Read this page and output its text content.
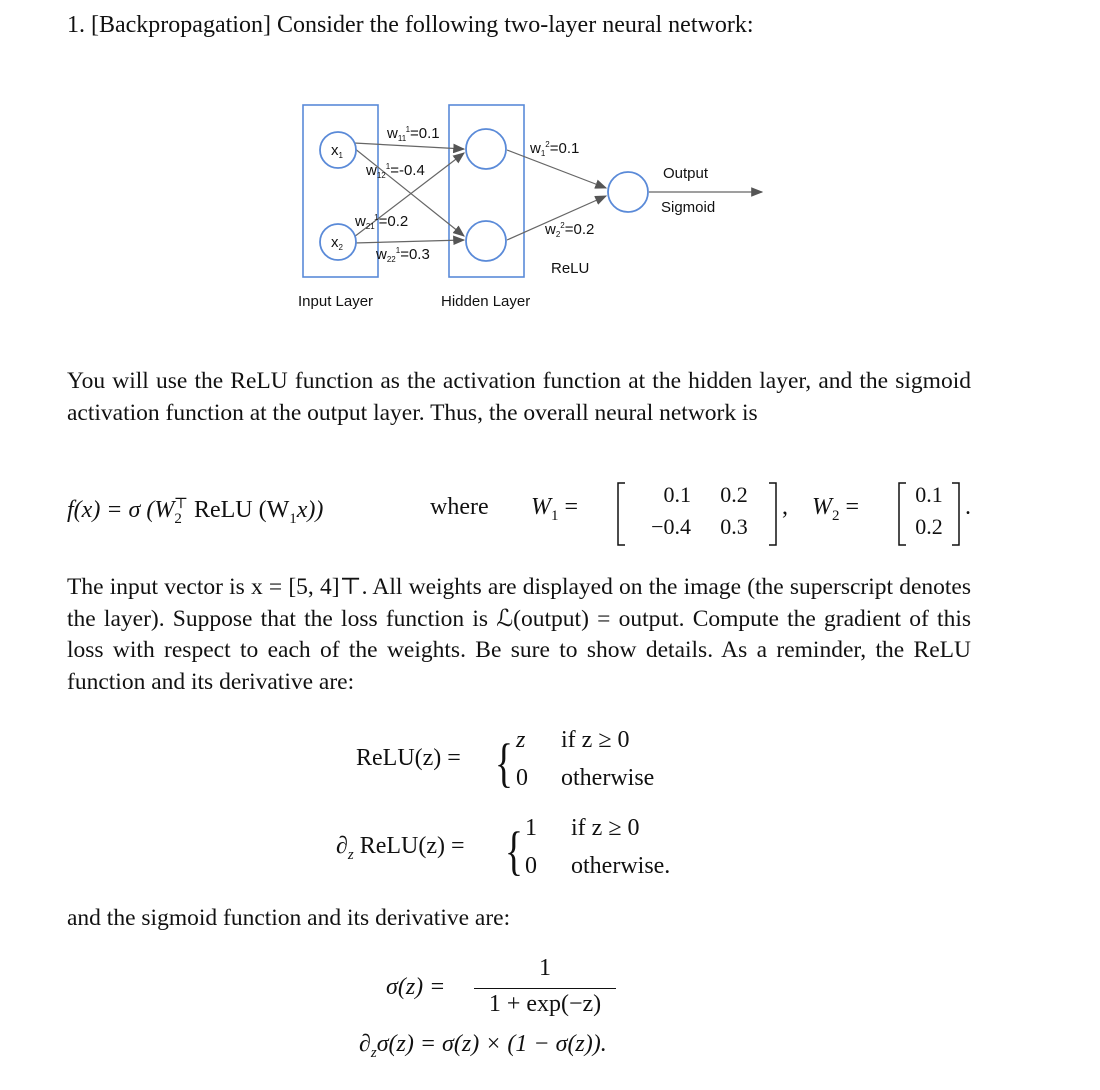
1. [Backpropagation] Consider the following two-layer neural network:
$x_1$
$x_2$
$w_{11}^1=0.1$
$w_{12}^1=-0.4$
$w_{21}^1=0.2$
$w_{22}^1=0.3$
$w_1^2=0.1$
$w_2^2=0.2$
ReLU
Output
Sigmoid
Input Layer	Hidden Layer
You will use the ReLU function as the activation function at the hidden layer, and the sigmoid activation function at the output layer. Thus, the overall neural network is
f(x) = σ ($W_2^⊤$ ReLU $(W_1x)$)	where $W_1$ =	0.1	0.2
−0.4	0.3
, $W_2$ =	0.1
0.2
.
The input vector is x = [5, 4]⊤. All weights are displayed on the image (the superscript denotes the layer). Suppose that the loss function is ℒ(output) = output. Compute the gradient of this loss with respect to each of the weights. Be sure to show details. As a reminder, the ReLU function and its derivative are:
ReLU(z) = { z if z ≥ 0
0 otherwise
$\partial_z$ ReLU(z) = { 1 if z ≥ 0
0 otherwise.
and the sigmoid function and its derivative are:
σ(z) =
1
1 + exp(−z)
$\partial_z\sigma(z) = \sigma(z) \times (1 - \sigma(z))$.
